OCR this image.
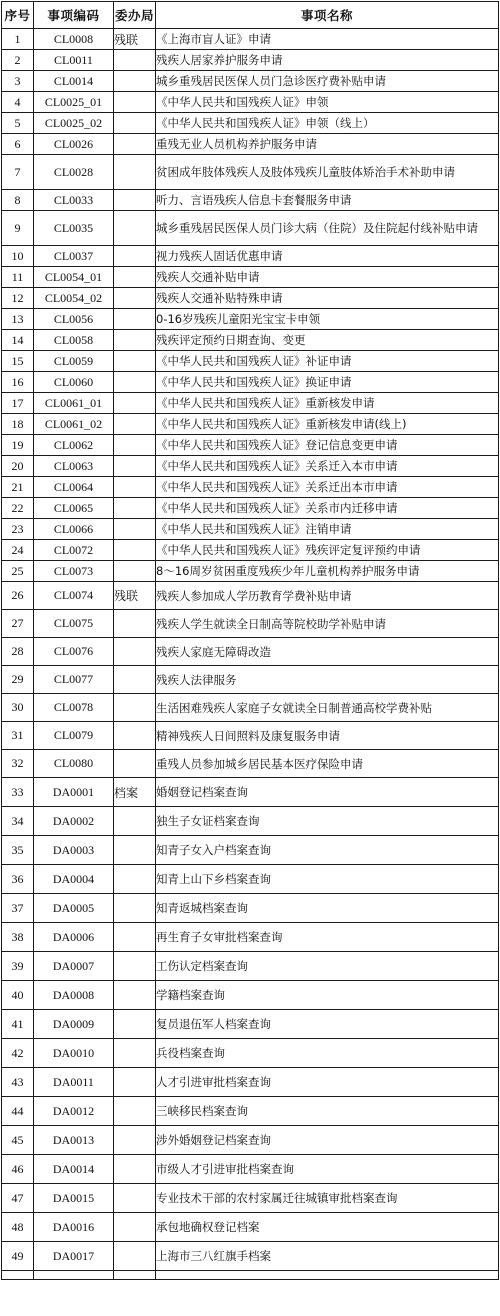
序号	事项编码	委办局	事项名称
1	CL0008	残联	《上海市盲人证》申请
2	CL0011		残疾人居家养护服务申请
3	CL0014		城乡重残居民医保人员门急诊医疗费补贴申请
4	CL0025_01		《中华人民共和国残疾人证》申领
5	CL0025_02		《中华人民共和国残疾人证》申领（线上）
6	CL0026		重残无业人员机构养护服务申请
7	CL0028		贫困成年肢体残疾人及肢体残疾儿童肢体矫治手术补助申请
8	CL0033		听力、言语残疾人信息卡套餐服务申请
9	CL0035		城乡重残居民医保人员门诊大病（住院）及住院起付线补贴申请
10	CL0037		视力残疾人固话优惠申请
11	CL0054_01		残疾人交通补贴申请
12	CL0054_02		残疾人交通补贴特殊申请
13	CL0056		0-16岁残疾儿童阳光宝宝卡申领
14	CL0058		残疾评定预约日期查询、变更
15	CL0059		《中华人民共和国残疾人证》补证申请
16	CL0060		《中华人民共和国残疾人证》换证申请
17	CL0061_01		《中华人民共和国残疾人证》重新核发申请
18	CL0061_02		《中华人民共和国残疾人证》重新核发申请(线上)
19	CL0062		《中华人民共和国残疾人证》登记信息变更申请
20	CL0063		《中华人民共和国残疾人证》关系迁入本市申请
21	CL0064		《中华人民共和国残疾人证》关系迁出本市申请
22	CL0065		《中华人民共和国残疾人证》关系市内迁移申请
23	CL0066		《中华人民共和国残疾人证》注销申请
24	CL0072		《中华人民共和国残疾人证》残疾评定复评预约申请
25	CL0073		8～16周岁贫困重度残疾少年儿童机构养护服务申请
26	CL0074	残联	残疾人参加成人学历教育学费补贴申请
27	CL0075		残疾人学生就读全日制高等院校助学补贴申请
28	CL0076		残疾人家庭无障碍改造
29	CL0077		残疾人法律服务
30	CL0078		生活困难残疾人家庭子女就读全日制普通高校学费补贴
31	CL0079		精神残疾人日间照料及康复服务申请
32	CL0080		重残人员参加城乡居民基本医疗保险申请
33	DA0001	档案	婚姻登记档案查询
34	DA0002		独生子女证档案查询
35	DA0003		知青子女入户档案查询
36	DA0004		知青上山下乡档案查询
37	DA0005		知青返城档案查询
38	DA0006		再生育子女审批档案查询
39	DA0007		工伤认定档案查询
40	DA0008		学籍档案查询
41	DA0009		复员退伍军人档案查询
42	DA0010		兵役档案查询
43	DA0011		人才引进审批档案查询
44	DA0012		三峡移民档案查询
45	DA0013		涉外婚姻登记档案查询
46	DA0014		市级人才引进审批档案查询
47	DA0015		专业技术干部的农村家属迁往城镇审批档案查询
48	DA0016		承包地确权登记档案
49	DA0017		上海市三八红旗手档案
